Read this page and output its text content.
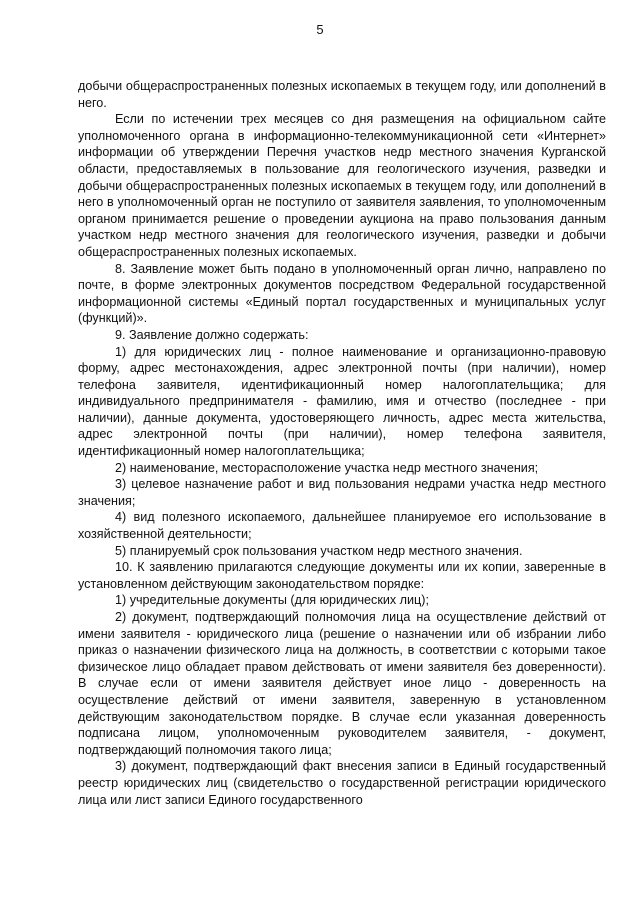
5

добычи общераспространенных полезных ископаемых в текущем году, или дополнений в него.

Если по истечении трех месяцев со дня размещения на официальном сайте уполномоченного органа в информационно-телекоммуникационной сети «Интернет» информации об утверждении Перечня участков недр местного значения Курганской области, предоставляемых в пользование для геологического изучения, разведки и добычи общераспространенных полезных ископаемых в текущем году, или дополнений в него в уполномоченный орган не поступило от заявителя заявления, то уполномоченным органом принимается решение о проведении аукциона на право пользования данным участком недр местного значения для геологического изучения, разведки и добычи общераспространенных полезных ископаемых.

8. Заявление может быть подано в уполномоченный орган лично, направлено по почте, в форме электронных документов посредством Федеральной государственной информационной системы «Единый портал государственных и муниципальных услуг (функций)».

9. Заявление должно содержать:

1) для юридических лиц - полное наименование и организационно-правовую форму, адрес местонахождения, адрес электронной почты (при наличии), номер телефона заявителя, идентификационный номер налогоплательщика; для индивидуального предпринимателя - фамилию, имя и отчество (последнее - при наличии), данные документа, удостоверяющего личность, адрес места жительства, адрес электронной почты (при наличии), номер телефона заявителя, идентификационный номер налогоплательщика;

2) наименование, месторасположение участка недр местного значения;

3) целевое назначение работ и вид пользования недрами участка недр местного значения;

4) вид полезного ископаемого, дальнейшее планируемое его использование в хозяйственной деятельности;

5) планируемый срок пользования участком недр местного значения.

10. К заявлению прилагаются следующие документы или их копии, заверенные в установленном действующим законодательством порядке:

1) учредительные документы (для юридических лиц);

2) документ, подтверждающий полномочия лица на осуществление действий от имени заявителя - юридического лица (решение о назначении или об избрании либо приказ о назначении физического лица на должность, в соответствии с которыми такое физическое лицо обладает правом действовать от имени заявителя без доверенности). В случае если от имени заявителя действует иное лицо - доверенность на осуществление действий от имени заявителя, заверенную в установленном действующим законодательством порядке. В случае если указанная доверенность подписана лицом, уполномоченным руководителем заявителя, - документ, подтверждающий полномочия такого лица;

3) документ, подтверждающий факт внесения записи в Единый государственный реестр юридических лиц (свидетельство о государственной регистрации юридического лица или лист записи Единого государственного
